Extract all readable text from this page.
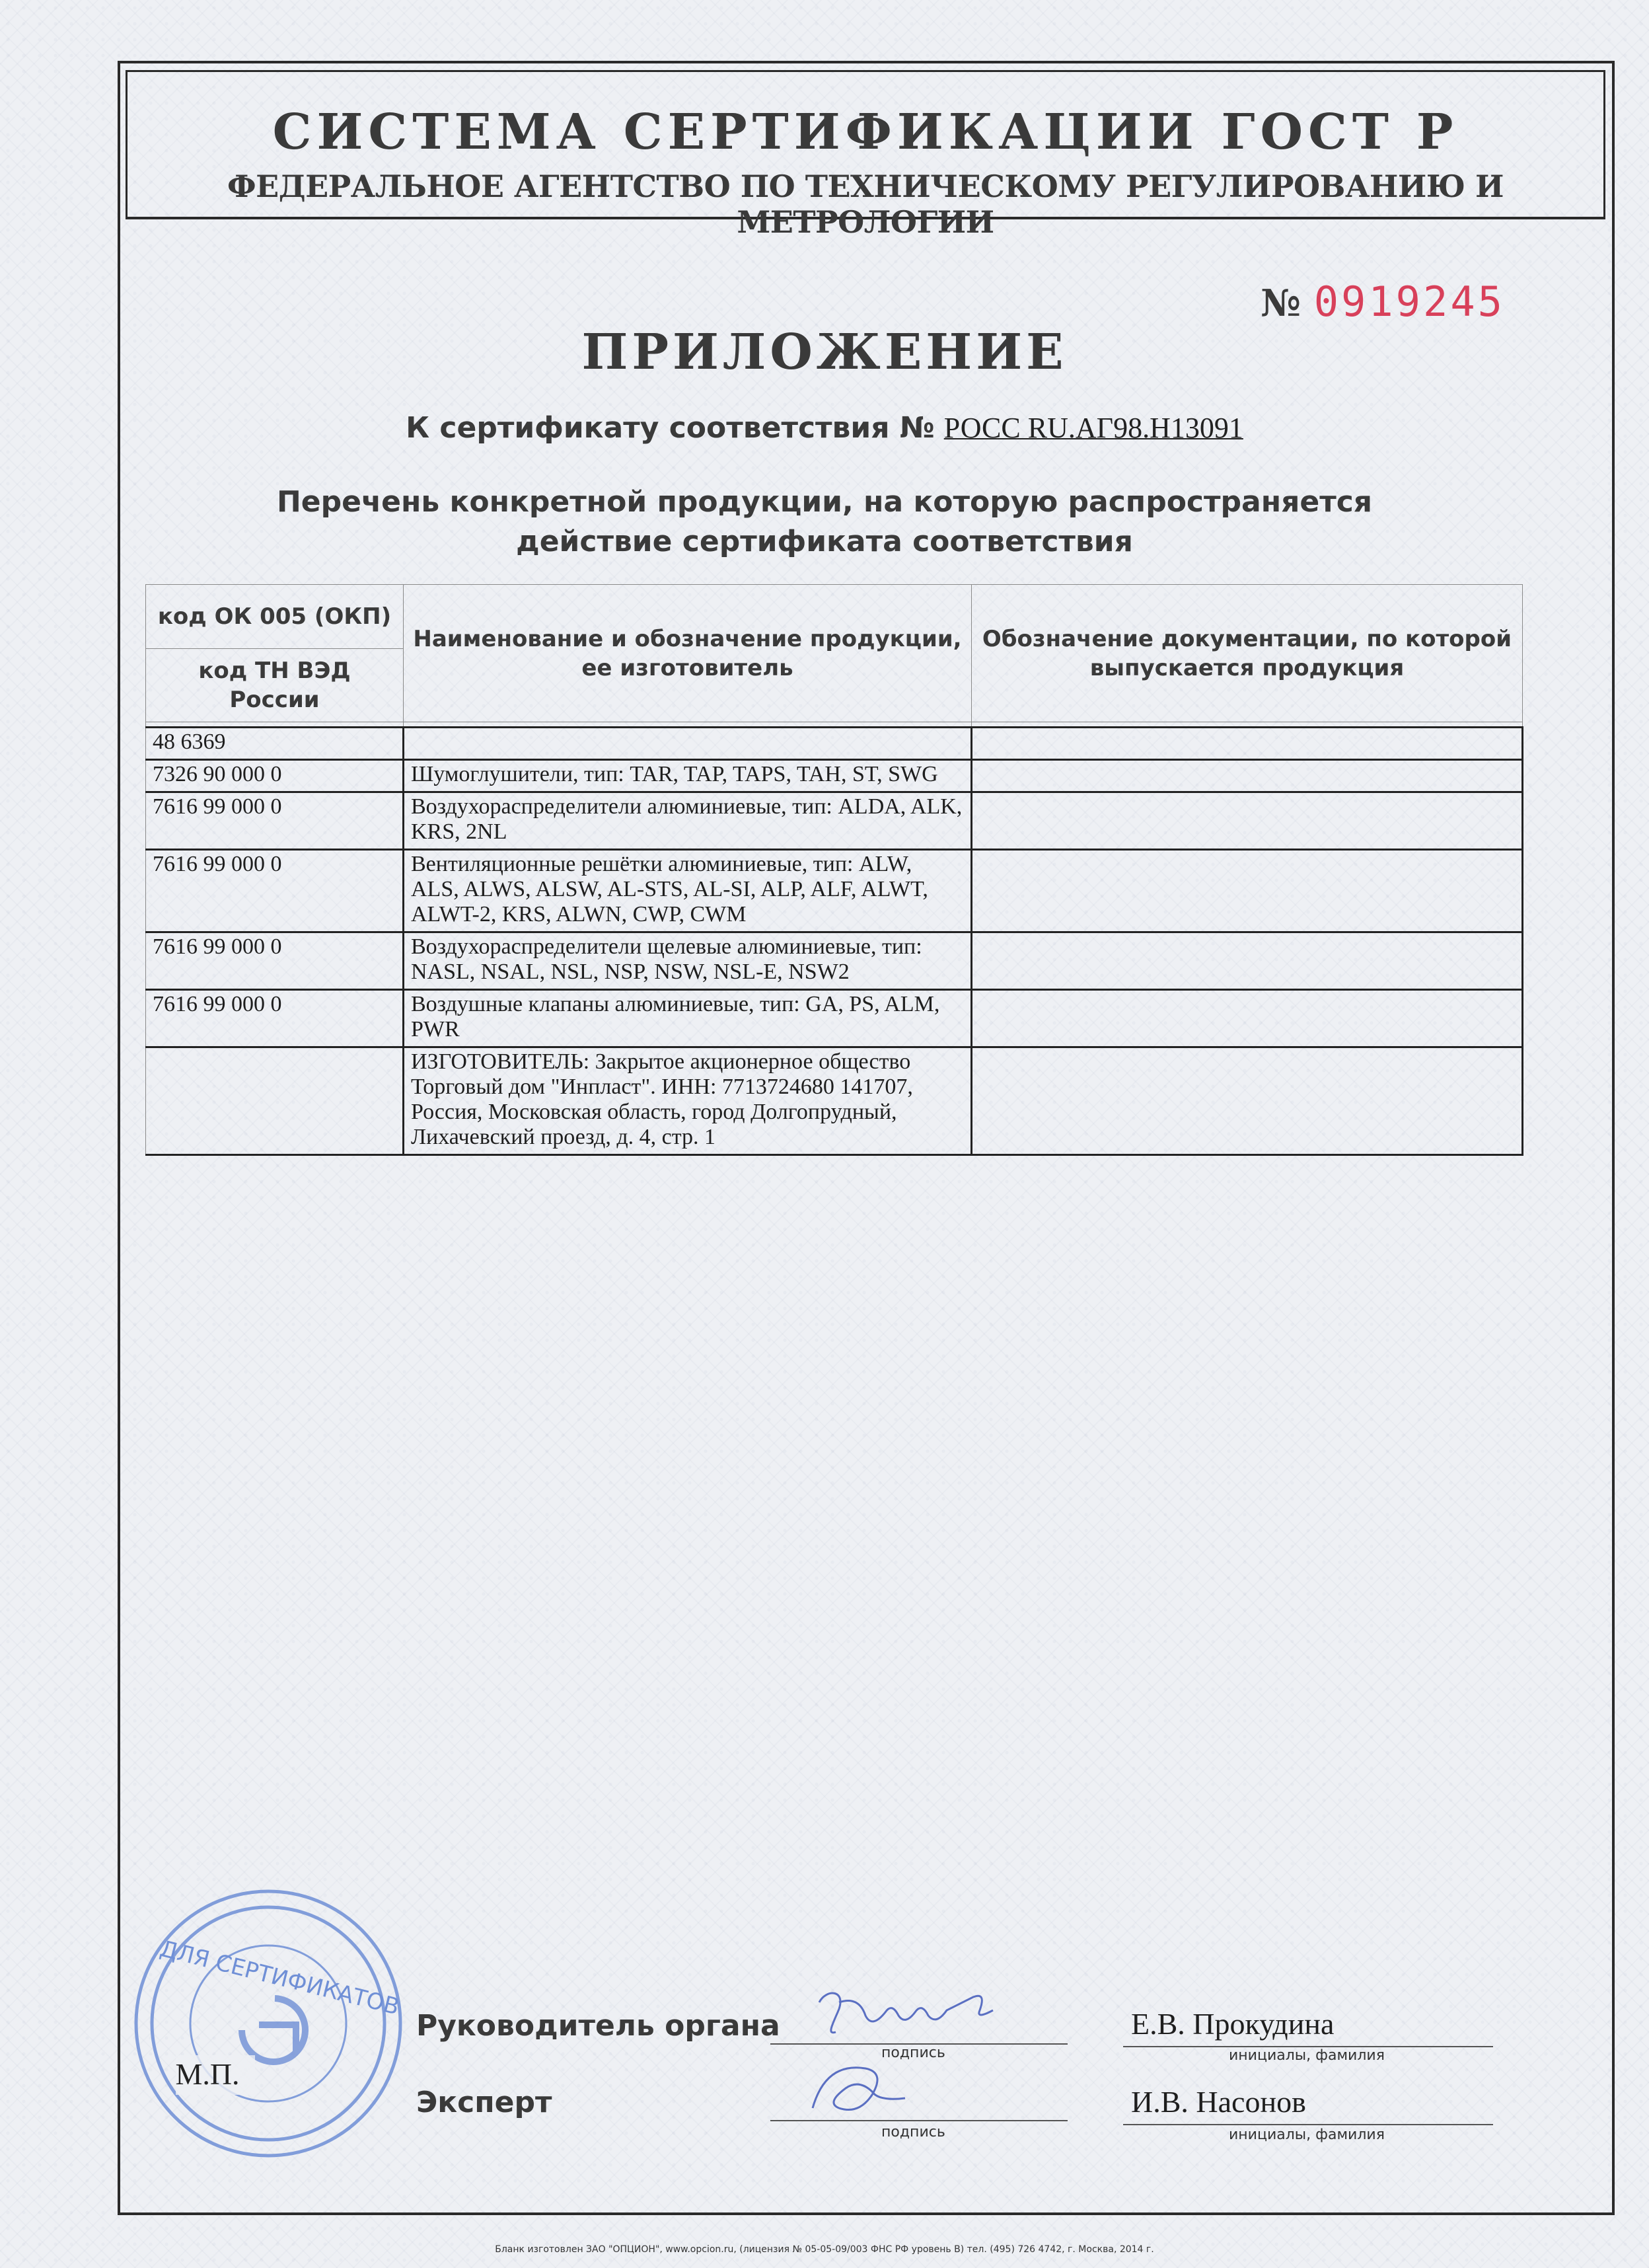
СИСТЕМА СЕРТИФИКАЦИИ ГОСТ Р
ФЕДЕРАЛЬНОЕ АГЕНТСТВО ПО ТЕХНИЧЕСКОМУ РЕГУЛИРОВАНИЮ И МЕТРОЛОГИИ
№ 0919245
ПРИЛОЖЕНИЕ
К сертификату соответствия № РОСС RU.АГ98.Н13091
Перечень конкретной продукции, на которую распространяется
действие сертификата соответствия
код ОК 005 (ОКП)	Наименование и обозначение продукции, ее изготовитель	Обозначение документации, по которой выпускается продукция
код ТН ВЭД России		

48 6369		
7326 90 000 0	Шумоглушители, тип: TAR, TAP, TAPS, TAH, ST, SWG	
7616 99 000 0	Воздухораспределители алюминиевые, тип: ALDA, ALK, KRS, 2NL	
7616 99 000 0	Вентиляционные решётки алюминиевые, тип: ALW, ALS, ALWS, ALSW, AL-STS, AL-SI, ALP, ALF, ALWT, ALWT-2, KRS, ALWN, CWP, CWM	
7616 99 000 0	Воздухораспределители щелевые алюминиевые, тип: NASL, NSAL, NSL, NSP, NSW, NSL-E, NSW2	
7616 99 000 0	Воздушные клапаны алюминиевые, тип: GA, PS, ALM, PWR	
	ИЗГОТОВИТЕЛЬ: Закрытое акционерное общество Торговый дом "Инпласт". ИНН: 7713724680 141707, Россия, Московская область, город Долгопрудный, Лихачевский проезд, д. 4, стр. 1	
ДЛЯ СЕРТИФИКАТОВ
М.П.
Руководитель органа
подпись
Е.В. Прокудина
инициалы, фамилия
Эксперт
подпись
И.В. Насонов
инициалы, фамилия
Бланк изготовлен ЗАО "ОПЦИОН", www.opcion.ru, (лицензия № 05-05-09/003 ФНС РФ уровень В) тел. (495) 726 4742, г. Москва, 2014 г.
